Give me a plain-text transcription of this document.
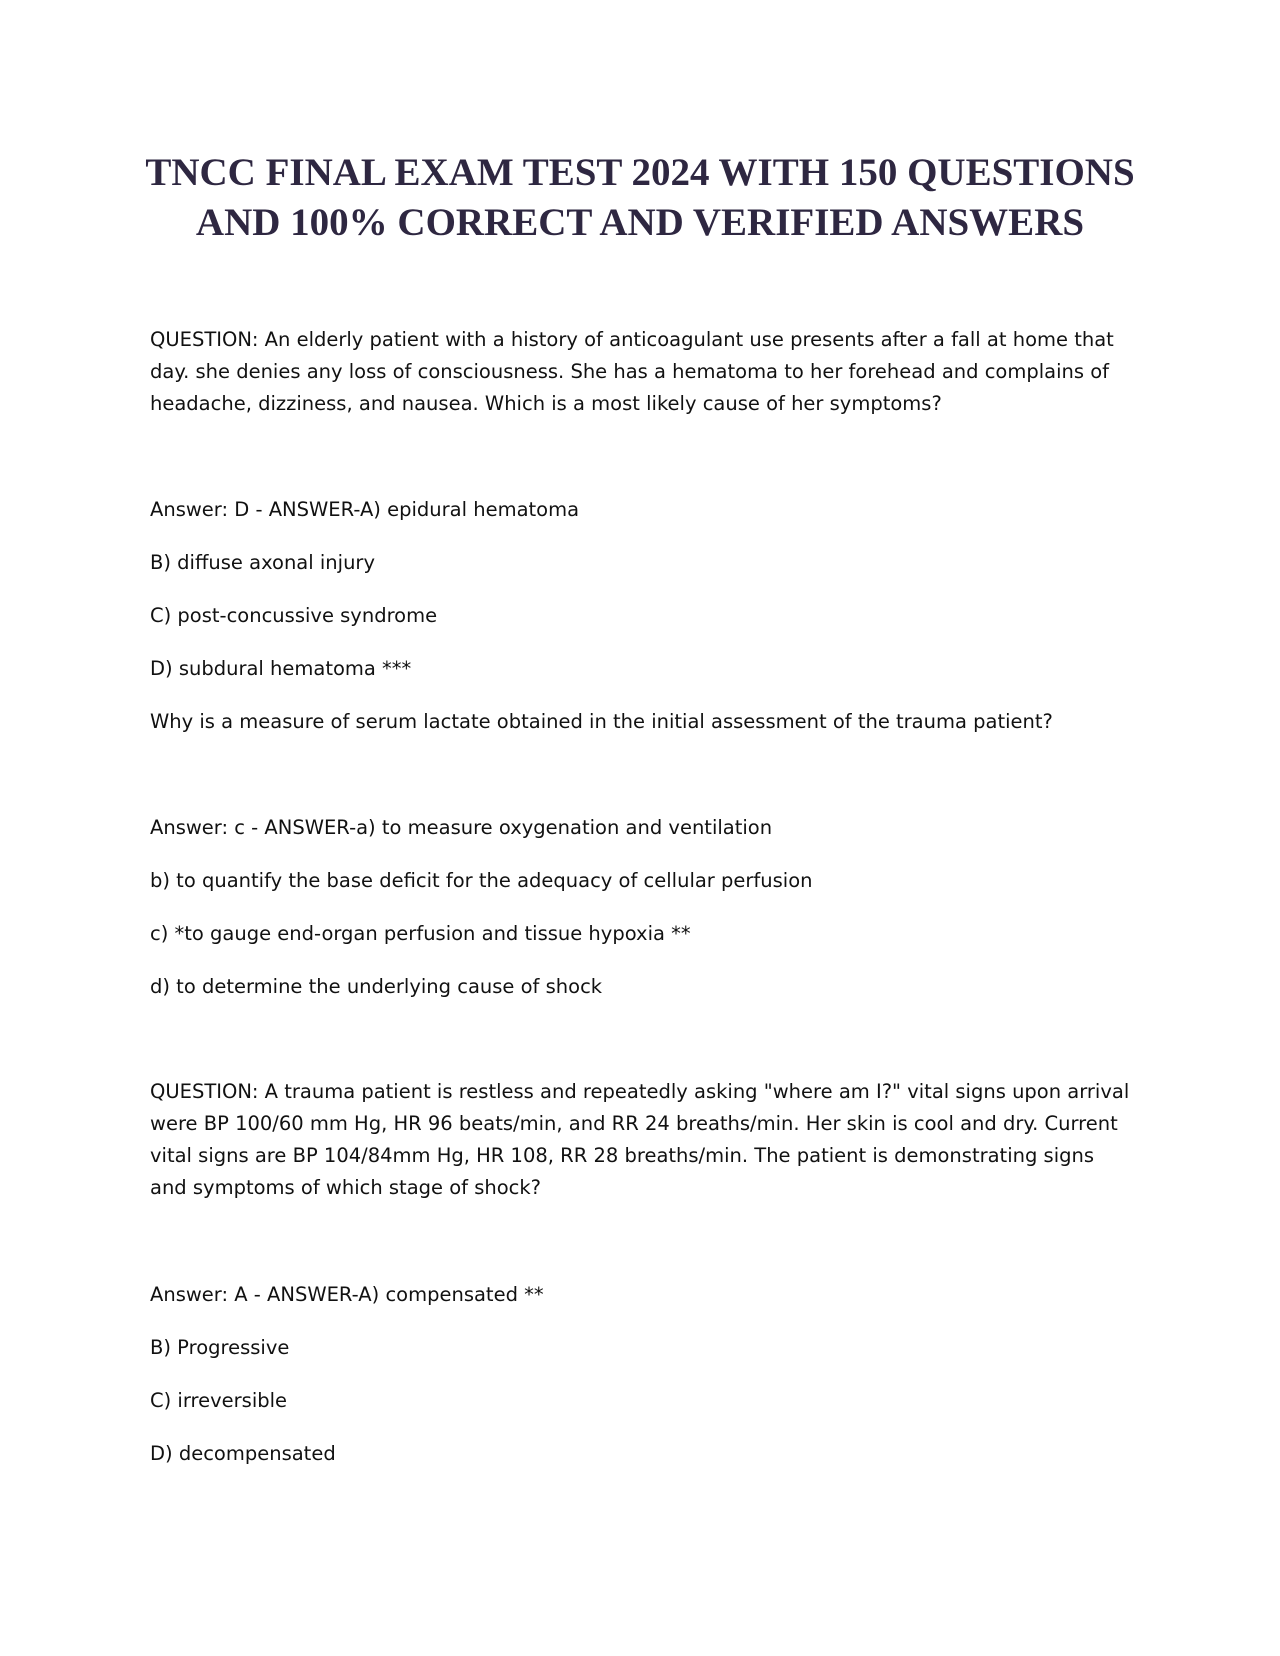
TNCC FINAL EXAM TEST 2024 WITH 150 QUESTIONS
AND 100% CORRECT AND VERIFIED ANSWERS

QUESTION: An elderly patient with a history of anticoagulant use presents after a fall at home that day. she denies any loss of consciousness. She has a hematoma to her forehead and complains of headache, dizziness, and nausea. Which is a most likely cause of her symptoms?

Answer: D - ANSWER-A) epidural hematoma

B) diffuse axonal injury

C) post-concussive syndrome

D) subdural hematoma ***

Why is a measure of serum lactate obtained in the initial assessment of the trauma patient?

Answer: c - ANSWER-a) to measure oxygenation and ventilation

b) to quantify the base deficit for the adequacy of cellular perfusion

c) *to gauge end-organ perfusion and tissue hypoxia **

d) to determine the underlying cause of shock

QUESTION: A trauma patient is restless and repeatedly asking "where am I?" vital signs upon arrival were BP 100/60 mm Hg, HR 96 beats/min, and RR 24 breaths/min. Her skin is cool and dry. Current vital signs are BP 104/84mm Hg, HR 108, RR 28 breaths/min. The patient is demonstrating signs and symptoms of which stage of shock?

Answer: A - ANSWER-A) compensated **

B) Progressive

C) irreversible

D) decompensated
